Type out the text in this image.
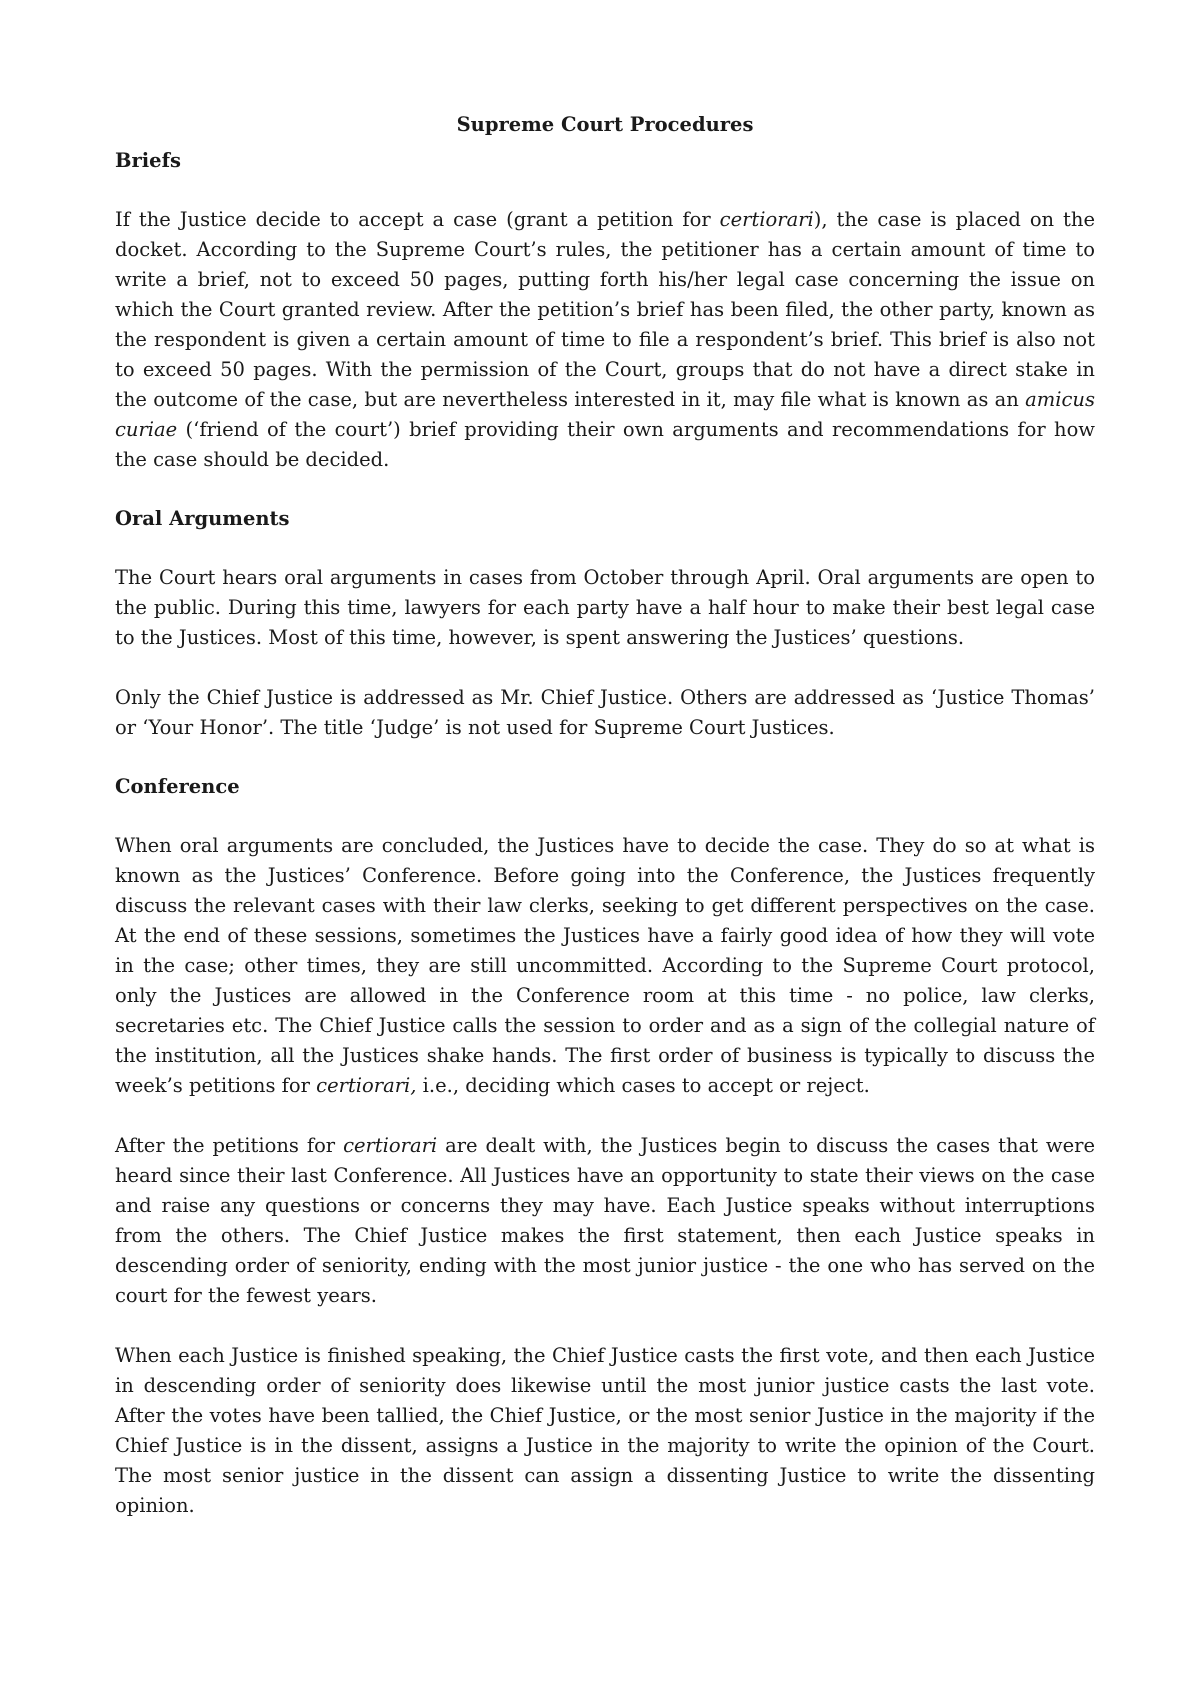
Supreme Court Procedures
Briefs

If the Justice decide to accept a case (grant a petition for certiorari), the case is placed on the docket. According to the Supreme Court’s rules, the petitioner has a certain amount of time to write a brief, not to exceed 50 pages, putting forth his/her legal case concerning the issue on which the Court granted review. After the petition’s brief has been filed, the other party, known as the respondent is given a certain amount of time to file a respondent’s brief. This brief is also not to exceed 50 pages. With the permission of the Court, groups that do not have a direct stake in the outcome of the case, but are nevertheless interested in it, may file what is known as an amicus curiae (‘friend of the court’) brief providing their own arguments and recommendations for how the case should be decided.

Oral Arguments

The Court hears oral arguments in cases from October through April. Oral arguments are open to the public. During this time, lawyers for each party have a half hour to make their best legal case to the Justices. Most of this time, however, is spent answering the Justices’ questions.

Only the Chief Justice is addressed as Mr. Chief Justice. Others are addressed as ‘Justice Thomas’ or ‘Your Honor’. The title ‘Judge’ is not used for Supreme Court Justices.

Conference

When oral arguments are concluded, the Justices have to decide the case. They do so at what is known as the Justices’ Conference. Before going into the Conference, the Justices frequently discuss the relevant cases with their law clerks, seeking to get different perspectives on the case. At the end of these sessions, sometimes the Justices have a fairly good idea of how they will vote in the case; other times, they are still uncommitted. According to the Supreme Court protocol, only the Justices are allowed in the Conference room at this time - no police, law clerks, secretaries etc. The Chief Justice calls the session to order and as a sign of the collegial nature of the institution, all the Justices shake hands. The first order of business is typically to discuss the week’s petitions for certiorari, i.e., deciding which cases to accept or reject.

After the petitions for certiorari are dealt with, the Justices begin to discuss the cases that were heard since their last Conference. All Justices have an opportunity to state their views on the case and raise any questions or concerns they may have. Each Justice speaks without interruptions from the others. The Chief Justice makes the first statement, then each Justice speaks in descending order of seniority, ending with the most junior justice - the one who has served on the court for the fewest years.

When each Justice is finished speaking, the Chief Justice casts the first vote, and then each Justice in descending order of seniority does likewise until the most junior justice casts the last vote. After the votes have been tallied, the Chief Justice, or the most senior Justice in the majority if the Chief Justice is in the dissent, assigns a Justice in the majority to write the opinion of the Court. The most senior justice in the dissent can assign a dissenting Justice to write the dissenting opinion.
